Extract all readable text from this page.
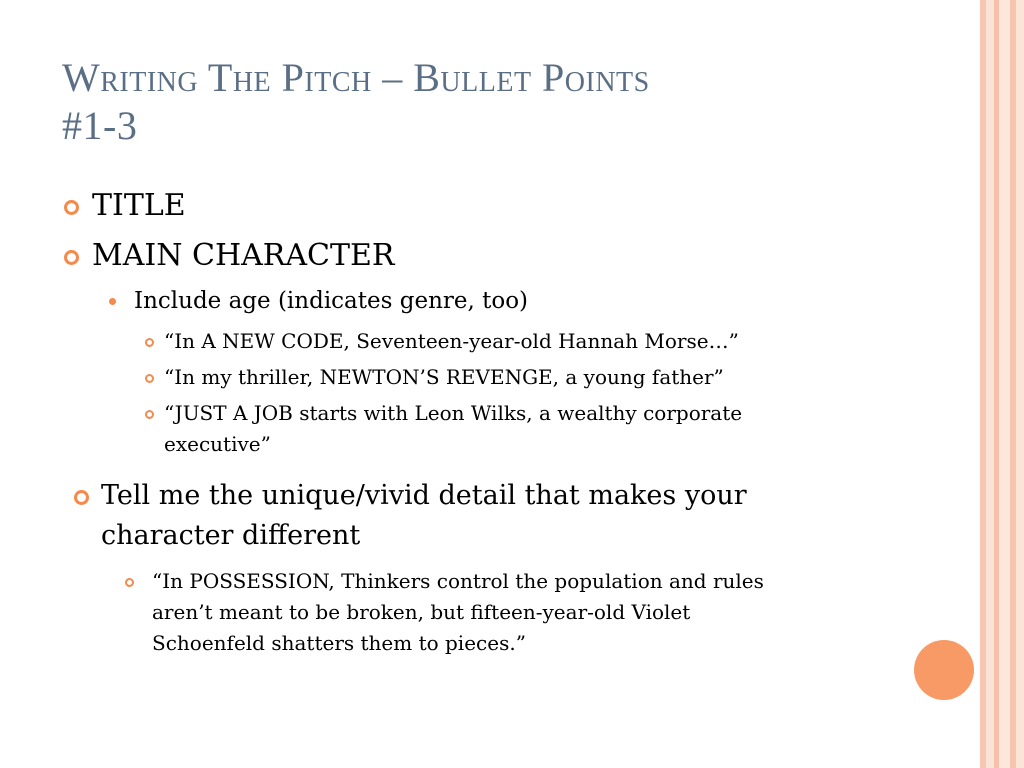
Writing The Pitch – Bullet Points
#1-3
TITLE
MAIN CHARACTER
Include age (indicates genre, too)
“In A NEW CODE, Seventeen-year-old Hannah Morse…”
“In my thriller, NEWTON’S REVENGE, a young father”
“JUST A JOB starts with Leon Wilks, a wealthy corporate
executive”
Tell me the unique/vivid detail that makes your
character different
“In POSSESSION, Thinkers control the population and rules
aren’t meant to be broken, but fifteen-year-old Violet
Schoenfeld shatters them to pieces.”
